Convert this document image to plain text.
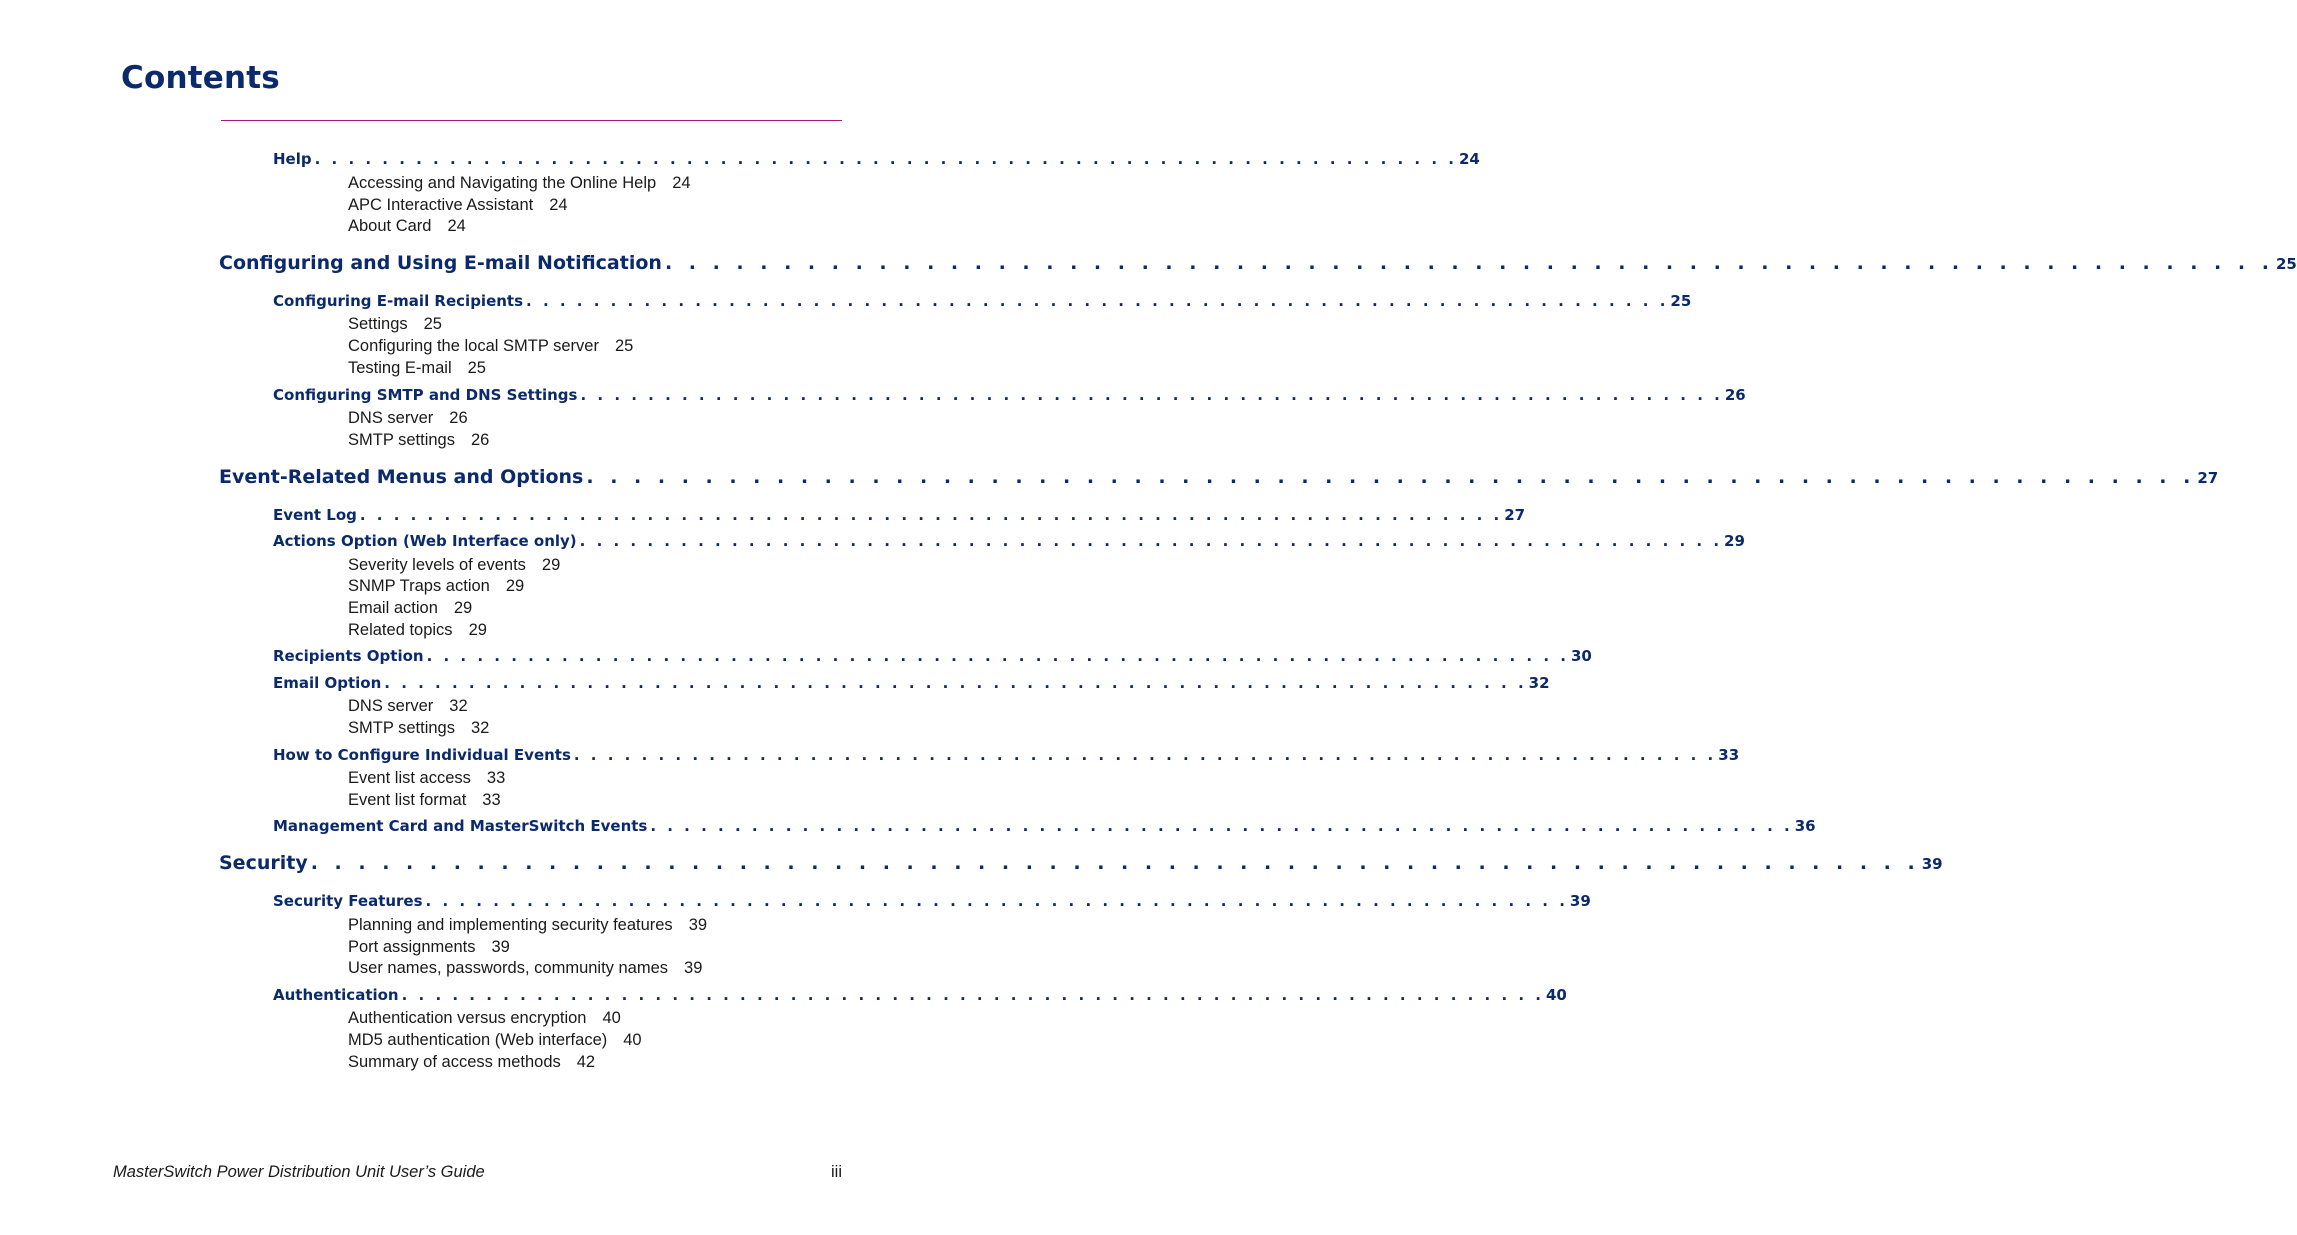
Contents
Help . . . . . . . . . . . . . . . . . . . . . . . . . . . . . . . . . . . . . . . . . . . . . . . . . . . . . . . . . . . . . . . . . . . . 24
Accessing and Navigating the Online Help 24
APC Interactive Assistant 24
About Card 24
Configuring and Using E-mail Notification . . . . . . . . . . . . . . . . . . . . . . . . . . . . . . . . . . . . . . . . . . . . . . . . . . . . . . . . . . . . . . . . . . . . 25
Configuring E-mail Recipients . . . . . . . . . . . . . . . . . . . . . . . . . . . . . . . . . . . . . . . . . . . . . . . . . . . . . . . . . . . . . . . . . . . . 25
Settings 25
Configuring the local SMTP server 25
Testing E-mail 25
Configuring SMTP and DNS Settings . . . . . . . . . . . . . . . . . . . . . . . . . . . . . . . . . . . . . . . . . . . . . . . . . . . . . . . . . . . . . . . . . . . . 26
DNS server 26
SMTP settings 26
Event-Related Menus and Options . . . . . . . . . . . . . . . . . . . . . . . . . . . . . . . . . . . . . . . . . . . . . . . . . . . . . . . . . . . . . . . . . . . . 27
Event Log . . . . . . . . . . . . . . . . . . . . . . . . . . . . . . . . . . . . . . . . . . . . . . . . . . . . . . . . . . . . . . . . . . . . 27
Actions Option (Web Interface only) . . . . . . . . . . . . . . . . . . . . . . . . . . . . . . . . . . . . . . . . . . . . . . . . . . . . . . . . . . . . . . . . . . . . 29
Severity levels of events 29
SNMP Traps action 29
Email action 29
Related topics 29
Recipients Option . . . . . . . . . . . . . . . . . . . . . . . . . . . . . . . . . . . . . . . . . . . . . . . . . . . . . . . . . . . . . . . . . . . . 30
Email Option . . . . . . . . . . . . . . . . . . . . . . . . . . . . . . . . . . . . . . . . . . . . . . . . . . . . . . . . . . . . . . . . . . . . 32
DNS server 32
SMTP settings 32
How to Configure Individual Events . . . . . . . . . . . . . . . . . . . . . . . . . . . . . . . . . . . . . . . . . . . . . . . . . . . . . . . . . . . . . . . . . . . . 33
Event list access 33
Event list format 33
Management Card and MasterSwitch Events . . . . . . . . . . . . . . . . . . . . . . . . . . . . . . . . . . . . . . . . . . . . . . . . . . . . . . . . . . . . . . . . . . . . 36
Security . . . . . . . . . . . . . . . . . . . . . . . . . . . . . . . . . . . . . . . . . . . . . . . . . . . . . . . . . . . . . . . . . . . . 39
Security Features . . . . . . . . . . . . . . . . . . . . . . . . . . . . . . . . . . . . . . . . . . . . . . . . . . . . . . . . . . . . . . . . . . . . 39
Planning and implementing security features 39
Port assignments 39
User names, passwords, community names 39
Authentication . . . . . . . . . . . . . . . . . . . . . . . . . . . . . . . . . . . . . . . . . . . . . . . . . . . . . . . . . . . . . . . . . . . . 40
Authentication versus encryption 40
MD5 authentication (Web interface) 40
Summary of access methods 42
MasterSwitch Power Distribution Unit User’s Guide	iii
